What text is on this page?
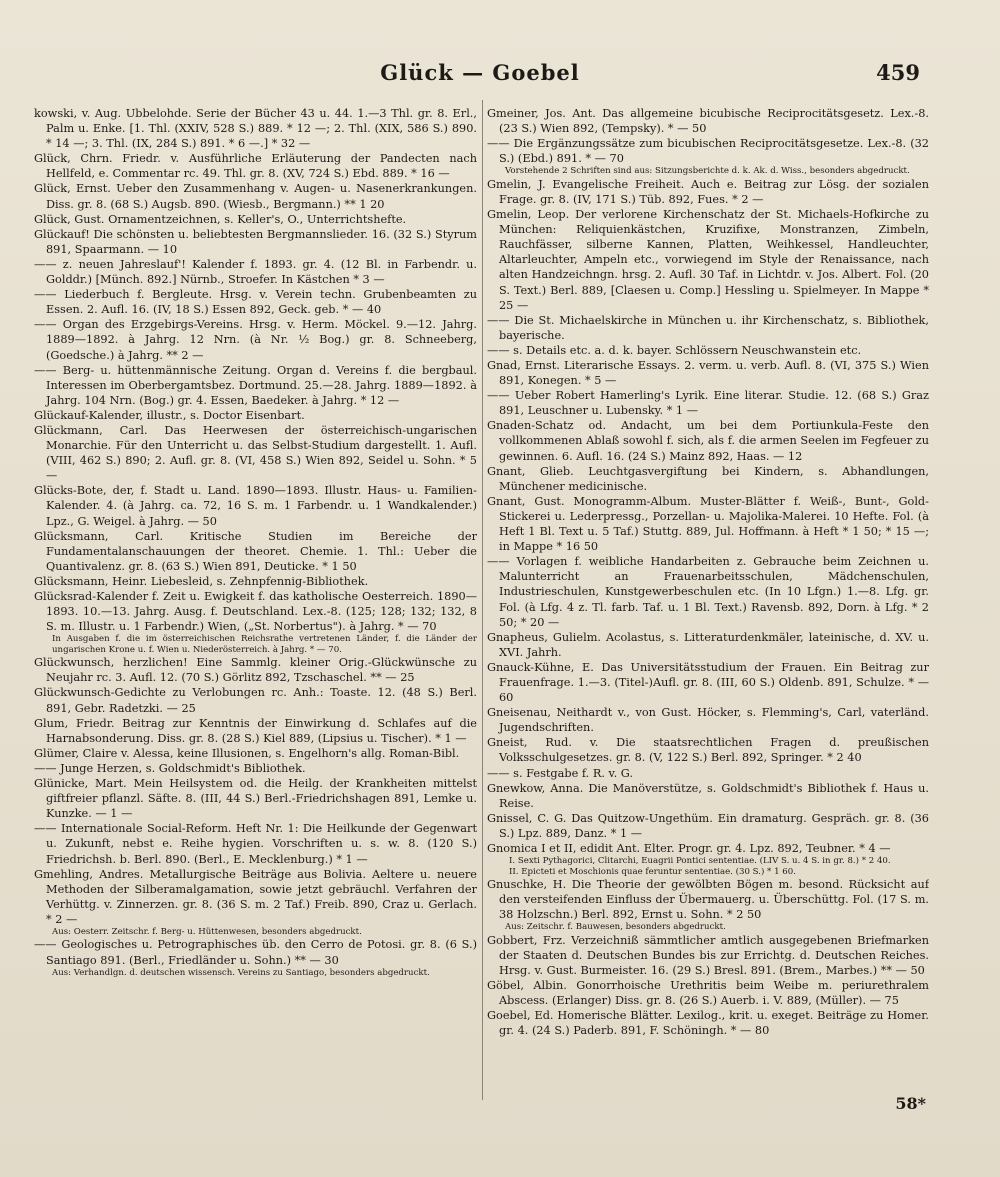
Glück — Goebel	459

kowski, v. Aug. Ubbelohde. Serie der Bücher 43 u. 44. 1.—3 Thl. gr. 8. Erl., Palm u. Enke. [1. Thl. (XXIV, 528 S.) 889. * 12 —; 2. Thl. (XIX, 586 S.) 890. * 14 —; 3. Thl. (IX, 284 S.) 891. * 6 —.] * 32 —

Glück, Chrn. Friedr. v. Ausführliche Erläuterung der Pandecten nach Hellfeld, e. Commentar rc. 49. Thl. gr. 8. (XV, 724 S.) Ebd. 889. * 16 —

Glück, Ernst. Ueber den Zusammenhang v. Augen- u. Nasenerkrankungen. Diss. gr. 8. (68 S.) Augsb. 890. (Wiesb., Bergmann.) ** 1 20

Glück, Gust. Ornamentzeichnen, s. Keller's, O., Unterrichtshefte.

Glückauf! Die schönsten u. beliebtesten Bergmannslieder. 16. (32 S.) Styrum 891, Spaarmann. — 10

—— z. neuen Jahreslauf'! Kalender f. 1893. gr. 4. (12 Bl. in Farbendr. u. Golddr.) [Münch. 892.] Nürnb., Stroefer. In Kästchen * 3 —

—— Liederbuch f. Bergleute. Hrsg. v. Verein techn. Grubenbeamten zu Essen. 2. Aufl. 16. (IV, 18 S.) Essen 892, Geck. geb. * — 40

—— Organ des Erzgebirgs-Vereins. Hrsg. v. Herm. Möckel. 9.—12. Jahrg. 1889—1892. à Jahrg. 12 Nrn. (à Nr. ½ Bog.) gr. 8. Schneeberg, (Goedsche.) à Jahrg. ** 2 —

—— Berg- u. hüttenmännische Zeitung. Organ d. Vereins f. die bergbaul. Interessen im Oberbergamtsbez. Dortmund. 25.—28. Jahrg. 1889—1892. à Jahrg. 104 Nrn. (Bog.) gr. 4. Essen, Baedeker. à Jahrg. * 12 —

Glückauf-Kalender, illustr., s. Doctor Eisenbart.

Glückmann, Carl. Das Heerwesen der österreichisch-ungarischen Monarchie. Für den Unterricht u. das Selbst-Studium dargestellt. 1. Aufl. (VIII, 462 S.) 890; 2. Aufl. gr. 8. (VI, 458 S.) Wien 892, Seidel u. Sohn. * 5 —

Glücks-Bote, der, f. Stadt u. Land. 1890—1893. Illustr. Haus- u. Familien-Kalender. 4. (à Jahrg. ca. 72, 16 S. m. 1 Farbendr. u. 1 Wandkalender.) Lpz., G. Weigel. à Jahrg. — 50

Glücksmann, Carl. Kritische Studien im Bereiche der Fundamentalanschauungen der theoret. Chemie. 1. Thl.: Ueber die Quantivalenz. gr. 8. (63 S.) Wien 891, Deuticke. * 1 50

Glücksmann, Heinr. Liebesleid, s. Zehnpfennig-Bibliothek.

Glücksrad-Kalender f. Zeit u. Ewigkeit f. das katholische Oesterreich. 1890—1893. 10.—13. Jahrg. Ausg. f. Deutschland. Lex.-8. (125; 128; 132; 132, 8 S. m. Illustr. u. 1 Farbendr.) Wien, („St. Norbertus"). à Jahrg. * — 70

In Ausgaben f. die im österreichischen Reichsrathe vertretenen Länder, f. die Länder der ungarischen Krone u. f. Wien u. Niederösterreich. à Jahrg. * — 70.

Glückwunsch, herzlichen! Eine Sammlg. kleiner Orig.-Glückwünsche zu Neujahr rc. 3. Aufl. 12. (70 S.) Görlitz 892, Tzschaschel. ** — 25

Glückwunsch-Gedichte zu Verlobungen rc. Anh.: Toaste. 12. (48 S.) Berl. 891, Gebr. Radetzki. — 25

Glum, Friedr. Beitrag zur Kenntnis der Einwirkung d. Schlafes auf die Harnabsonderung. Diss. gr. 8. (28 S.) Kiel 889, (Lipsius u. Tischer). * 1 —

Glümer, Claire v. Alessa, keine Illusionen, s. Engelhorn's allg. Roman-Bibl.

—— Junge Herzen, s. Goldschmidt's Bibliothek.

Glünicke, Mart. Mein Heilsystem od. die Heilg. der Krankheiten mittelst giftfreier pflanzl. Säfte. 8. (III, 44 S.) Berl.-Friedrichshagen 891, Lemke u. Kunzke. — 1 —

—— Internationale Social-Reform. Heft Nr. 1: Die Heilkunde der Gegenwart u. Zukunft, nebst e. Reihe hygien. Vorschriften u. s. w. 8. (120 S.) Friedrichsh. b. Berl. 890. (Berl., E. Mecklenburg.) * 1 —

Gmehling, Andres. Metallurgische Beiträge aus Bolivia. Aeltere u. neuere Methoden der Silberamalgamation, sowie jetzt gebräuchl. Verfahren der Verhüttg. v. Zinnerzen. gr. 8. (36 S. m. 2 Taf.) Freib. 890, Craz u. Gerlach. * 2 —

Aus: Oesterr. Zeitschr. f. Berg- u. Hüttenwesen, besonders abgedruckt.

—— Geologisches u. Petrographisches üb. den Cerro de Potosi. gr. 8. (6 S.) Santiago 891. (Berl., Friedländer u. Sohn.) ** — 30

Aus: Verhandlgn. d. deutschen wissensch. Vereins zu Santiago, besonders abgedruckt.

Gmeiner, Jos. Ant. Das allgemeine bicubische Reciprocitätsgesetz. Lex.-8. (23 S.) Wien 892, (Tempsky). * — 50

—— Die Ergänzungssätze zum bicubischen Reciprocitätsgesetze. Lex.-8. (32 S.) (Ebd.) 891. * — 70

Vorstehende 2 Schriften sind aus: Sitzungsberichte d. k. Ak. d. Wiss., besonders abgedruckt.

Gmelin, J. Evangelische Freiheit. Auch e. Beitrag zur Lösg. der sozialen Frage. gr. 8. (IV, 171 S.) Tüb. 892, Fues. * 2 —

Gmelin, Leop. Der verlorene Kirchenschatz der St. Michaels-Hofkirche zu München: Reliquienkästchen, Kruzifixe, Monstranzen, Zimbeln, Rauchfässer, silberne Kannen, Platten, Weihkessel, Handleuchter, Altarleuchter, Ampeln etc., vorwiegend im Style der Renaissance, nach alten Handzeichngn. hrsg. 2. Aufl. 30 Taf. in Lichtdr. v. Jos. Albert. Fol. (20 S. Text.) Berl. 889, [Claesen u. Comp.] Hessling u. Spielmeyer. In Mappe * 25 —

—— Die St. Michaelskirche in München u. ihr Kirchenschatz, s. Bibliothek, bayerische.

—— s. Details etc. a. d. k. bayer. Schlössern Neuschwanstein etc.

Gnad, Ernst. Literarische Essays. 2. verm. u. verb. Aufl. 8. (VI, 375 S.) Wien 891, Konegen. * 5 —

—— Ueber Robert Hamerling's Lyrik. Eine literar. Studie. 12. (68 S.) Graz 891, Leuschner u. Lubensky. * 1 —

Gnaden-Schatz od. Andacht, um bei dem Portiunkula-Feste den vollkommenen Ablaß sowohl f. sich, als f. die armen Seelen im Fegfeuer zu gewinnen. 6. Aufl. 16. (24 S.) Mainz 892, Haas. — 12

Gnant, Glieb. Leuchtgasvergiftung bei Kindern, s. Abhandlungen, Münchener medicinische.

Gnant, Gust. Monogramm-Album. Muster-Blätter f. Weiß-, Bunt-, Gold-Stickerei u. Lederpressg., Porzellan- u. Majolika-Malerei. 10 Hefte. Fol. (à Heft 1 Bl. Text u. 5 Taf.) Stuttg. 889, Jul. Hoffmann. à Heft * 1 50; * 15 —; in Mappe * 16 50

—— Vorlagen f. weibliche Handarbeiten z. Gebrauche beim Zeichnen u. Malunterricht an Frauenarbeitsschulen, Mädchenschulen, Industrieschulen, Kunstgewerbeschulen etc. (In 10 Lfgn.) 1.—8. Lfg. gr. Fol. (à Lfg. 4 z. Tl. farb. Taf. u. 1 Bl. Text.) Ravensb. 892, Dorn. à Lfg. * 2 50; * 20 —

Gnapheus, Gulielm. Acolastus, s. Litteraturdenkmäler, lateinische, d. XV. u. XVI. Jahrh.

Gnauck-Kühne, E. Das Universitätsstudium der Frauen. Ein Beitrag zur Frauenfrage. 1.—3. (Titel-)Aufl. gr. 8. (III, 60 S.) Oldenb. 891, Schulze. * — 60

Gneisenau, Neithardt v., von Gust. Höcker, s. Flemming's, Carl, vaterländ. Jugendschriften.

Gneist, Rud. v. Die staatsrechtlichen Fragen d. preußischen Volksschulgesetzes. gr. 8. (V, 122 S.) Berl. 892, Springer. * 2 40

—— s. Festgabe f. R. v. G.

Gnewkow, Anna. Die Manöverstütze, s. Goldschmidt's Bibliothek f. Haus u. Reise.

Gnissel, C. G. Das Quitzow-Ungethüm. Ein dramaturg. Gespräch. gr. 8. (36 S.) Lpz. 889, Danz. * 1 —

Gnomica I et II, edidit Ant. Elter. Progr. gr. 4. Lpz. 892, Teubner. * 4 —

I. Sexti Pythagorici, Clitarchi, Euagrii Pontici sententiae. (LIV S. u. 4 S. in gr. 8.) * 2 40.

II. Epicteti et Moschionis quae feruntur sententiae. (30 S.) * 1 60.

Gnuschke, H. Die Theorie der gewölbten Bögen m. besond. Rücksicht auf den versteifenden Einfluss der Übermauerg. u. Überschüttg. Fol. (17 S. m. 38 Holzschn.) Berl. 892, Ernst u. Sohn. * 2 50

Aus: Zeitschr. f. Bauwesen, besonders abgedruckt.

Gobbert, Frz. Verzeichniß sämmtlicher amtlich ausgegebenen Briefmarken der Staaten d. Deutschen Bundes bis zur Errichtg. d. Deutschen Reiches. Hrsg. v. Gust. Burmeister. 16. (29 S.) Bresl. 891. (Brem., Marbes.) ** — 50

Göbel, Albin. Gonorrhoische Urethritis beim Weibe m. periurethralem Abscess. (Erlanger) Diss. gr. 8. (26 S.) Auerb. i. V. 889, (Müller). — 75

Goebel, Ed. Homerische Blätter. Lexilog., krit. u. exeget. Beiträge zu Homer. gr. 4. (24 S.) Paderb. 891, F. Schöningh. * — 80

58*
